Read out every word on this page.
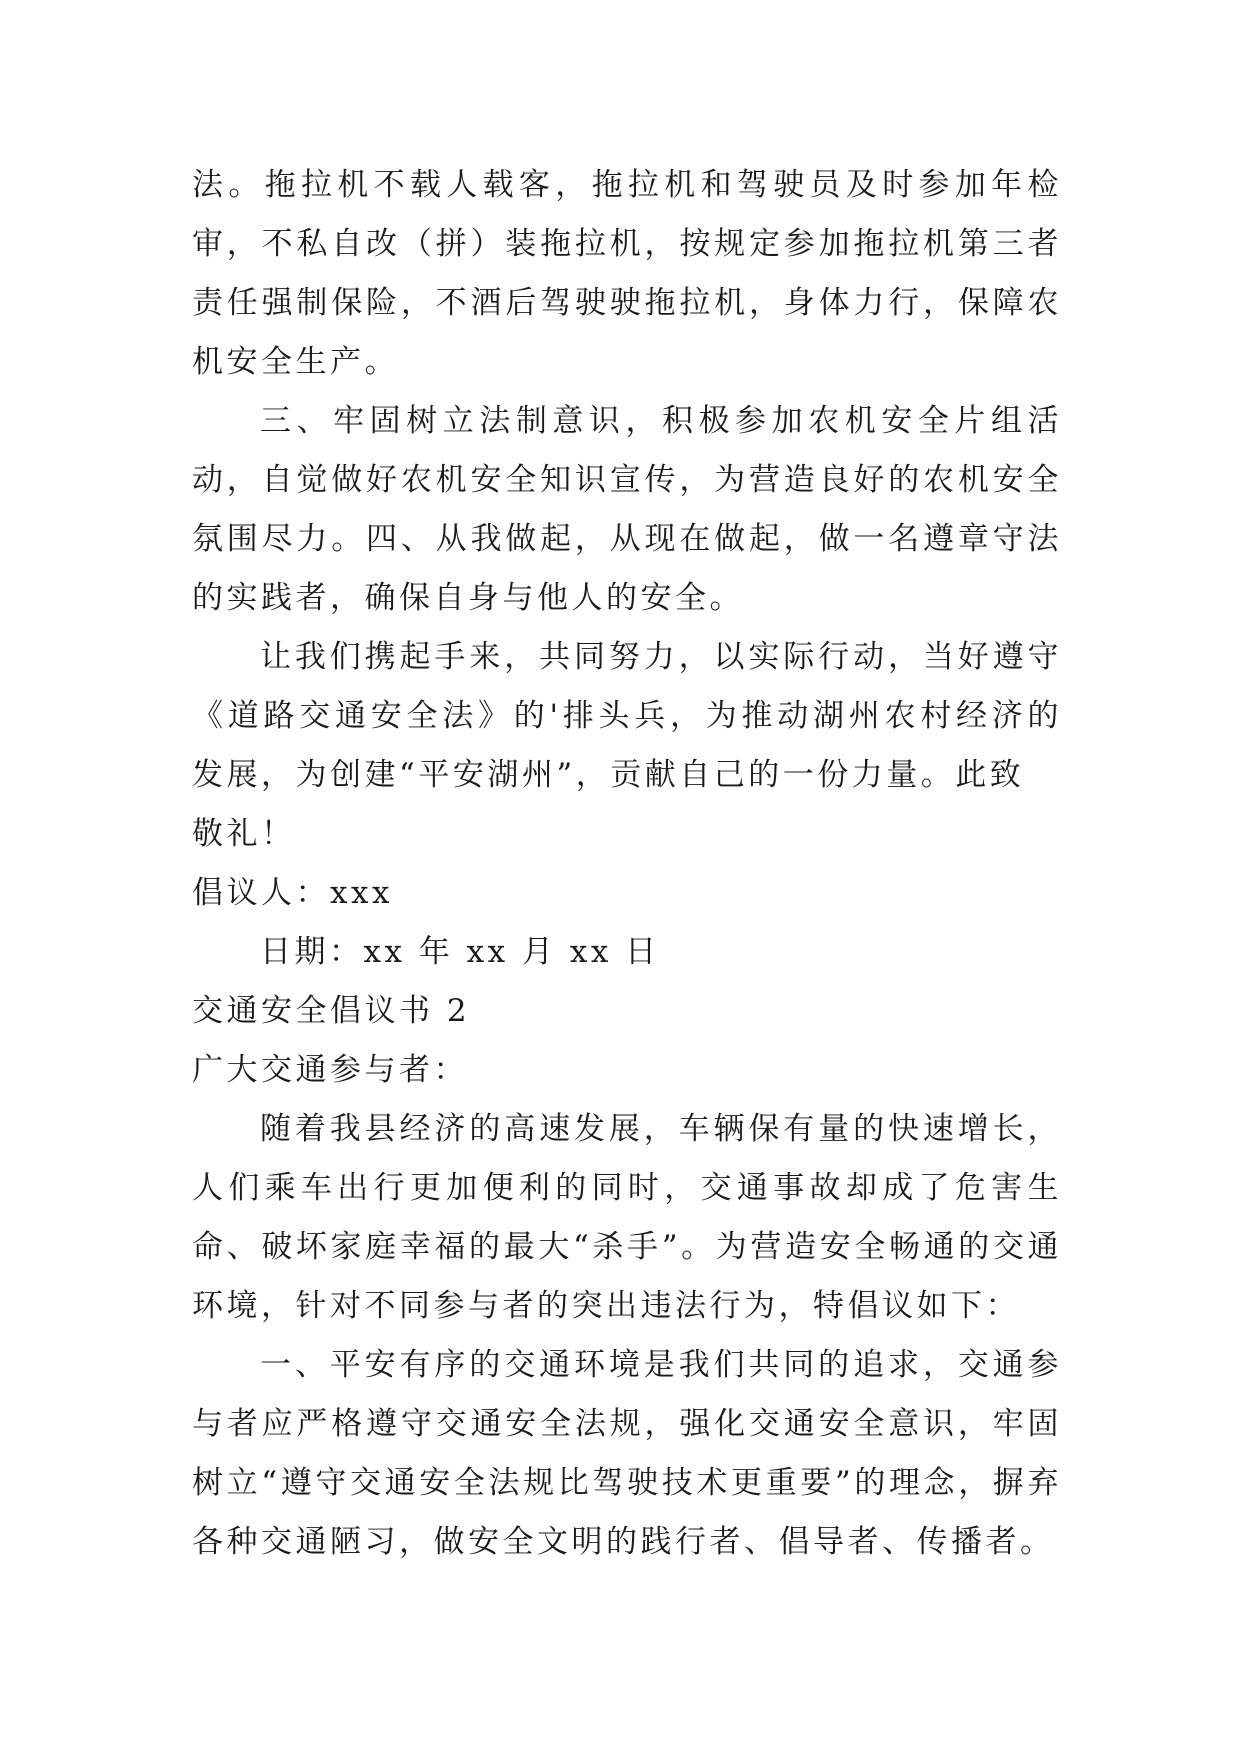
法。拖拉机不载人载客，拖拉机和驾驶员及时参加年检审，不私自改（拼）装拖拉机，按规定参加拖拉机第三者责任强制保险，不酒后驾驶驶拖拉机，身体力行，保障农机安全生产。

三、牢固树立法制意识，积极参加农机安全片组活动，自觉做好农机安全知识宣传，为营造良好的农机安全氛围尽力。四、从我做起，从现在做起，做一名遵章守法的实践者，确保自身与他人的安全。

让我们携起手来，共同努力，以实际行动，当好遵守《道路交通安全法》的'排头兵，为推动湖州农村经济的发展，为创建“平安湖州”，贡献自己的一份力量。此致

敬礼！

倡议人：xxx

日期：xx 年 xx 月 xx 日

交通安全倡议书 2

广大交通参与者：

随着我县经济的高速发展，车辆保有量的快速增长，人们乘车出行更加便利的同时，交通事故却成了危害生命、破坏家庭幸福的最大“杀手”。为营造安全畅通的交通环境，针对不同参与者的突出违法行为，特倡议如下：

一、平安有序的交通环境是我们共同的追求，交通参与者应严格遵守交通安全法规，强化交通安全意识，牢固树立“遵守交通安全法规比驾驶技术更重要”的理念，摒弃各种交通陋习，做安全文明的践行者、倡导者、传播者。
